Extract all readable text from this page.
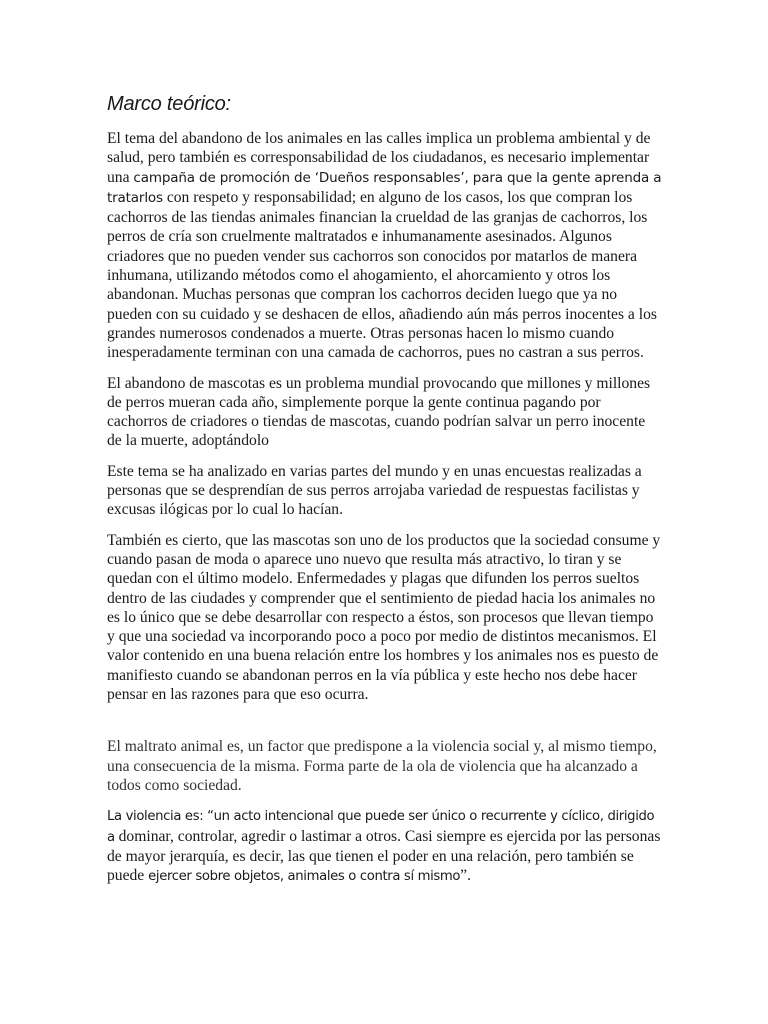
Marco teórico:

El tema del abandono de los animales en las calles implica un problema ambiental y de salud, pero también es corresponsabilidad de los ciudadanos, es necesario implementar una campaña de promoción de ‘Dueños responsables’, para que la gente aprenda a tratarlos con respeto y responsabilidad; en alguno de los casos, los que compran los cachorros de las tiendas animales financian la crueldad de las granjas de cachorros, los perros de cría son cruelmente maltratados e inhumanamente asesinados. Algunos criadores que no pueden vender sus cachorros son conocidos por matarlos de manera inhumana, utilizando métodos como el ahogamiento, el ahorcamiento y otros los abandonan. Muchas personas que compran los cachorros deciden luego que ya no pueden con su cuidado y se deshacen de ellos, añadiendo aún más perros inocentes a los grandes numerosos condenados a muerte. Otras personas hacen lo mismo cuando inesperadamente terminan con una camada de cachorros, pues no castran a sus perros.

El abandono de mascotas es un problema mundial provocando que millones y millones de perros mueran cada año, simplemente porque la gente continua pagando por cachorros de criadores o tiendas de mascotas, cuando podrían salvar un perro inocente de la muerte, adoptándolo

Este tema se ha analizado en varias partes del mundo y en unas encuestas realizadas a personas que se desprendían de sus perros arrojaba variedad de respuestas facilistas y excusas ilógicas por lo cual lo hacían.

También es cierto, que las mascotas son uno de los productos que la sociedad consume y cuando pasan de moda o aparece uno nuevo que resulta más atractivo, lo tiran y se quedan con el último modelo. Enfermedades y plagas que difunden los perros sueltos dentro de las ciudades y comprender que el sentimiento de piedad hacia los animales no es lo único que se debe desarrollar con respecto a éstos, son procesos que llevan tiempo y que una sociedad va incorporando poco a poco por medio de distintos mecanismos. El valor contenido en una buena relación entre los hombres y los animales nos es puesto de manifiesto cuando se abandonan perros en la vía pública y este hecho nos debe hacer pensar en las razones para que eso ocurra.

El maltrato animal es, un factor que predispone a la violencia social y, al mismo tiempo, una consecuencia de la misma. Forma parte de la ola de violencia que ha alcanzado a todos como sociedad.

La violencia es: “un acto intencional que puede ser único o recurrente y cíclico, dirigido a dominar, controlar, agredir o lastimar a otros. Casi siempre es ejercida por las personas de mayor jerarquía, es decir, las que tienen el poder en una relación, pero también se puede ejercer sobre objetos, animales o contra sí mismo”.
